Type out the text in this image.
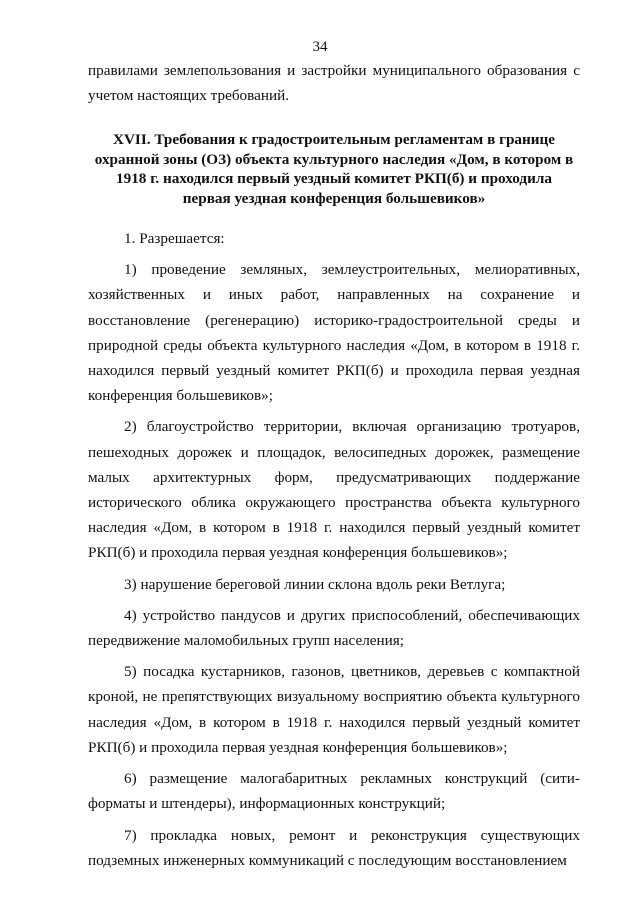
34

правилами землепользования и застройки муниципального образования с учетом настоящих требований.

XVII. Требования к градостроительным регламентам в границе охранной зоны (ОЗ) объекта культурного наследия «Дом, в котором в 1918 г. находился первый уездный комитет РКП(б) и проходила первая уездная конференция большевиков»

1. Разрешается:

1) проведение земляных, землеустроительных, мелиоративных, хозяйственных и иных работ, направленных на сохранение и восстановление (регенерацию) историко-градостроительной среды и природной среды объекта культурного наследия «Дом, в котором в 1918 г. находился первый уездный комитет РКП(б) и проходила первая уездная конференция большевиков»;

2) благоустройство территории, включая организацию тротуаров, пешеходных дорожек и площадок, велосипедных дорожек, размещение малых архитектурных форм, предусматривающих поддержание исторического облика окружающего пространства объекта культурного наследия «Дом, в котором в 1918 г. находился первый уездный комитет РКП(б) и проходила первая уездная конференция большевиков»;

3) нарушение береговой линии склона вдоль реки Ветлуга;

4) устройство пандусов и других приспособлений, обеспечивающих передвижение маломобильных групп населения;

5) посадка кустарников, газонов, цветников, деревьев с компактной кроной, не препятствующих визуальному восприятию объекта культурного наследия «Дом, в котором в 1918 г. находился первый уездный комитет РКП(б) и проходила первая уездная конференция большевиков»;

6) размещение малогабаритных рекламных конструкций (сити-форматы и штендеры), информационных конструкций;

7) прокладка новых, ремонт и реконструкция существующих подземных инженерных коммуникаций с последующим восстановлением
